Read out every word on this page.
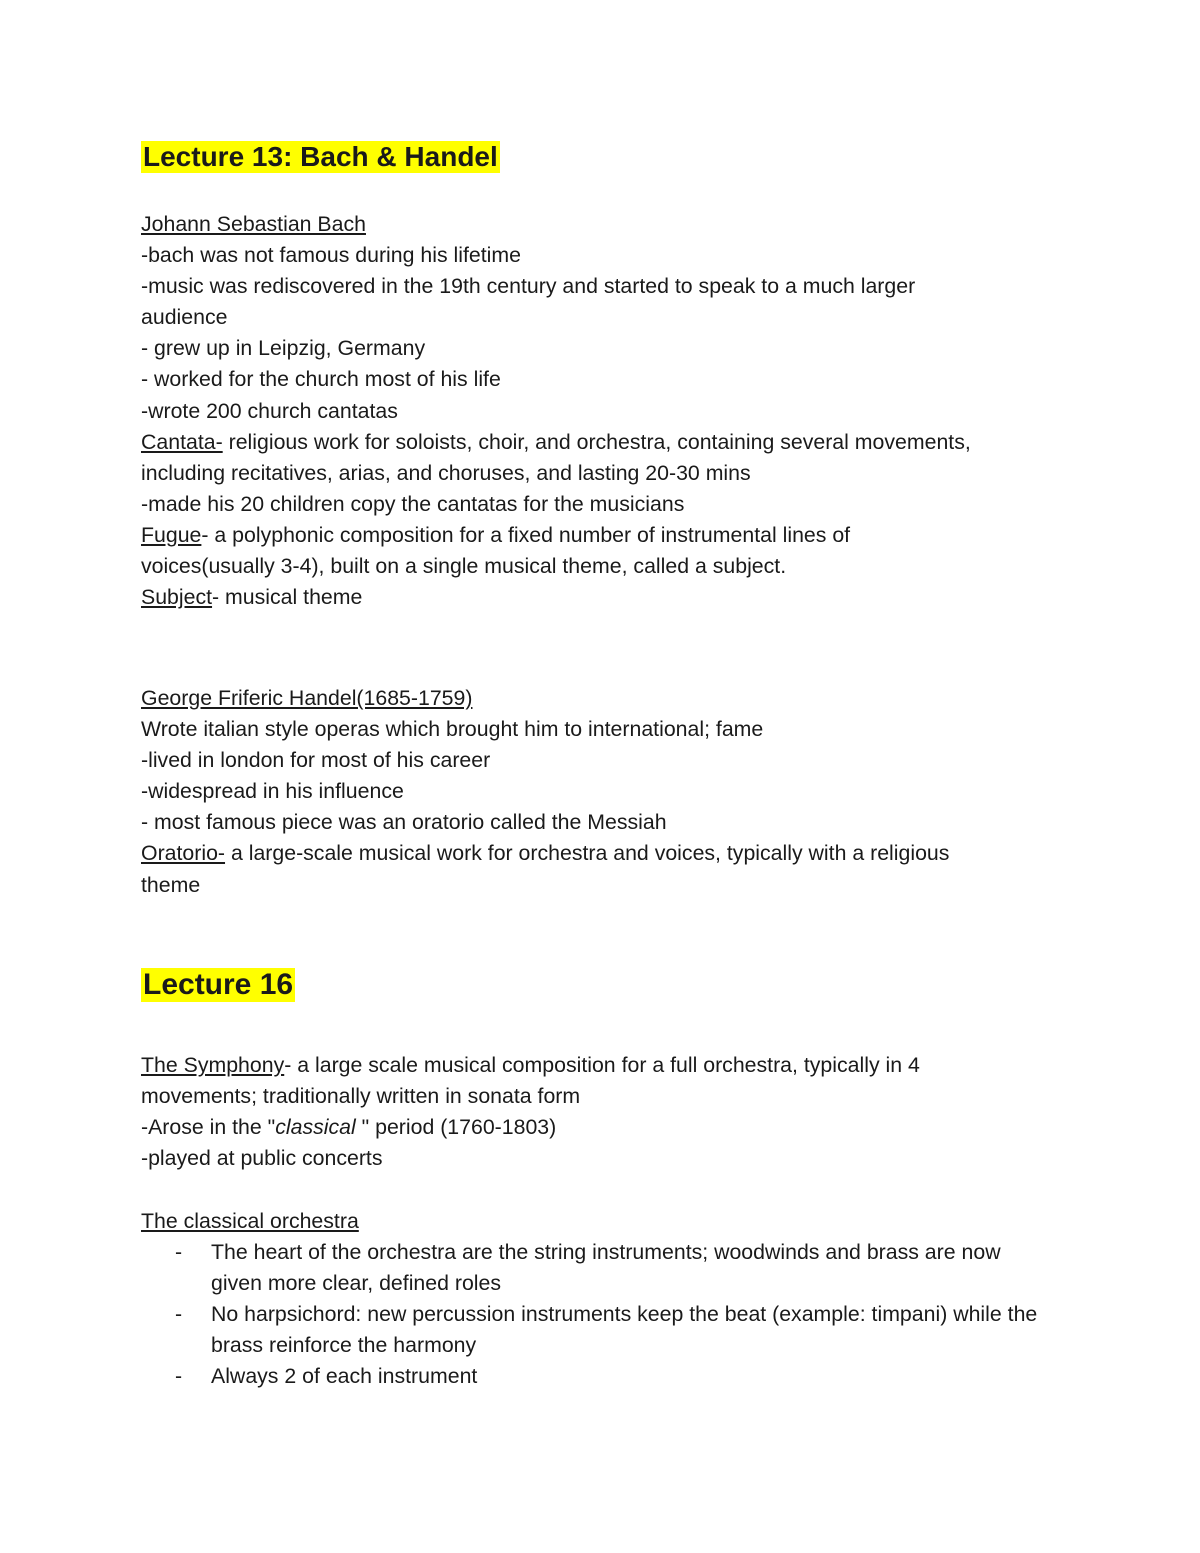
Lecture 13: Bach & Handel
Johann Sebastian Bach
-bach was not famous during his lifetime
-music was rediscovered in the 19th century and started to speak to a much larger
audience
- grew up in Leipzig, Germany
- worked for the church most of his life
-wrote 200 church cantatas
Cantata- religious work for soloists, choir, and orchestra, containing several movements,
including recitatives, arias, and choruses, and lasting 20-30 mins
-made his 20 children copy the cantatas for the musicians
Fugue- a polyphonic composition for a fixed number of instrumental lines of
voices(usually 3-4), built on a single musical theme, called a subject.
Subject- musical theme
George Friferic Handel(1685-1759)
Wrote italian style operas which brought him to international; fame
-lived in london for most of his career
-widespread in his influence
- most famous piece was an oratorio called the Messiah
Oratorio- a large-scale musical work for orchestra and voices, typically with a religious
theme
Lecture 16
The Symphony- a large scale musical composition for a full orchestra, typically in 4
movements; traditionally written in sonata form
-Arose in the "classical " period (1760-1803)
-played at public concerts
The classical orchestra
- The heart of the orchestra are the string instruments; woodwinds and brass are now given more clear, defined roles
- No harpsichord: new percussion instruments keep the beat (example: timpani) while the brass reinforce the harmony
- Always 2 of each instrument
